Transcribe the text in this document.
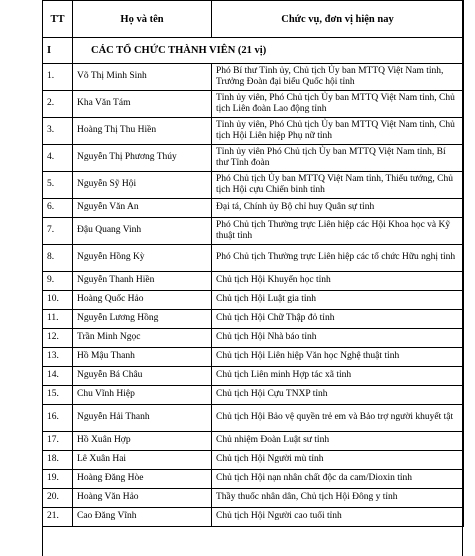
TT	Họ và tên	Chức vụ, đơn vị hiện nay
I	CÁC TỔ CHỨC THÀNH VIÊN (21 vị)	
1.	Võ Thị Minh Sinh	Phó Bí thư Tỉnh ủy, Chủ tịch Ủy ban MTTQ Việt Nam tỉnh, Trưởng Đoàn đại biểu Quốc hội tỉnh
2.	Kha Văn Tám	Tỉnh ủy viên, Phó Chủ tịch Ủy ban MTTQ Việt Nam tỉnh, Chủ tịch Liên đoàn Lao động tỉnh
3.	Hoàng Thị Thu Hiền	Tỉnh ủy viên, Phó Chủ tịch Ủy ban MTTQ Việt Nam tỉnh, Chủ tịch Hội Liên hiệp Phụ nữ tỉnh
4.	Nguyễn Thị Phương Thúy	Tỉnh ủy viên Phó Chủ tịch Ủy ban MTTQ Việt Nam tỉnh, Bí thư Tỉnh đoàn
5.	Nguyễn Sỹ Hội	Phó Chủ tịch Ủy ban MTTQ Việt Nam tỉnh, Thiếu tướng, Chủ tịch Hội cựu Chiến binh tỉnh
6.	Nguyễn Văn An	Đại tá, Chính ủy Bộ chỉ huy Quân sự tỉnh
7.	Đậu Quang Vinh	Phó Chủ tịch Thường trực Liên hiệp các Hội Khoa học và Kỹ thuật tỉnh
8.	Nguyễn Hồng Kỳ	Phó Chủ tịch Thường trực Liên hiệp các tổ chức Hữu nghị tỉnh
9.	Nguyễn Thanh Hiền	Chủ tịch Hội Khuyến học tỉnh
10.	Hoàng Quốc Hảo	Chủ tịch Hội Luật gia tỉnh
11.	Nguyễn Lương Hồng	Chủ tịch Hội Chữ Thập đỏ tỉnh
12.	Trần Minh Ngọc	Chủ tịch Hội Nhà báo tỉnh
13.	Hồ Mậu Thanh	Chủ tịch Hội Liên hiệp Văn học Nghệ thuật tỉnh
14.	Nguyễn Bá Châu	Chủ tịch Liên minh Hợp tác xã tỉnh
15.	Chu Vĩnh Hiệp	Chủ tịch Hội Cựu TNXP tỉnh
16.	Nguyễn Hải Thanh	Chủ tịch Hội Bảo vệ quyền trẻ em và Bảo trợ người khuyết tật
17.	Hồ Xuân Hợp	Chủ nhiệm Đoàn Luật sư tỉnh
18.	Lê Xuân Hai	Chủ tịch Hội Người mù tỉnh
19.	Hoàng Đăng Hòe	Chủ tịch Hội nạn nhân chất độc da cam/Dioxin tỉnh
20.	Hoàng Văn Hảo	Thầy thuốc nhân dân, Chủ tịch Hội Đông y tỉnh
21.	Cao Đăng Vĩnh	Chủ tịch Hội Người cao tuổi tỉnh
